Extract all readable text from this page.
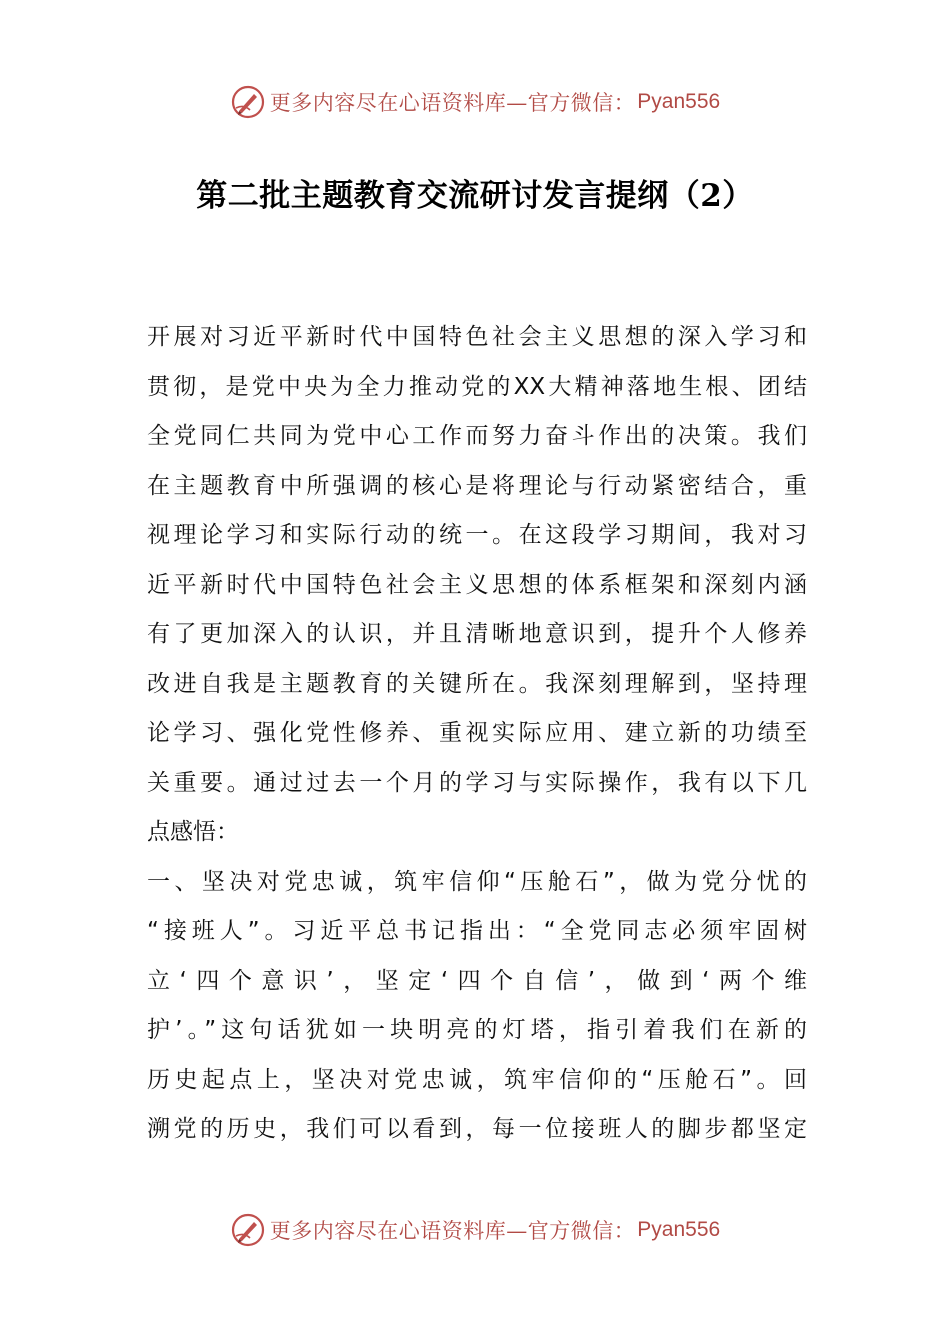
更多内容尽在心语资料库—官方微信： Pyan556
第二批主题教育交流研讨发言提纲（2）
开展对习近平新时代中国特色社会主义思想的深入学习和
贯彻，是党中央为全力推动党的XX大精神落地生根、团结
全党同仁共同为党中心工作而努力奋斗作出的决策。我们
在主题教育中所强调的核心是将理论与行动紧密结合，重
视理论学习和实际行动的统一。在这段学习期间，我对习
近平新时代中国特色社会主义思想的体系框架和深刻内涵
有了更加深入的认识，并且清晰地意识到，提升个人修养
改进自我是主题教育的关键所在。我深刻理解到，坚持理
论学习、强化党性修养、重视实际应用、建立新的功绩至
关重要。通过过去一个月的学习与实际操作，我有以下几
点感悟：
一、坚决对党忠诚，筑牢信仰“压舱石”，做为党分忧的
“接班人”。习近平总书记指出：“全党同志必须牢固树
立‘四个意识’，坚定‘四个自信’，做到‘两个维
护’。”这句话犹如一块明亮的灯塔，指引着我们在新的
历史起点上，坚决对党忠诚，筑牢信仰的“压舱石”。回
溯党的历史，我们可以看到，每一位接班人的脚步都坚定
更多内容尽在心语资料库—官方微信： Pyan556
